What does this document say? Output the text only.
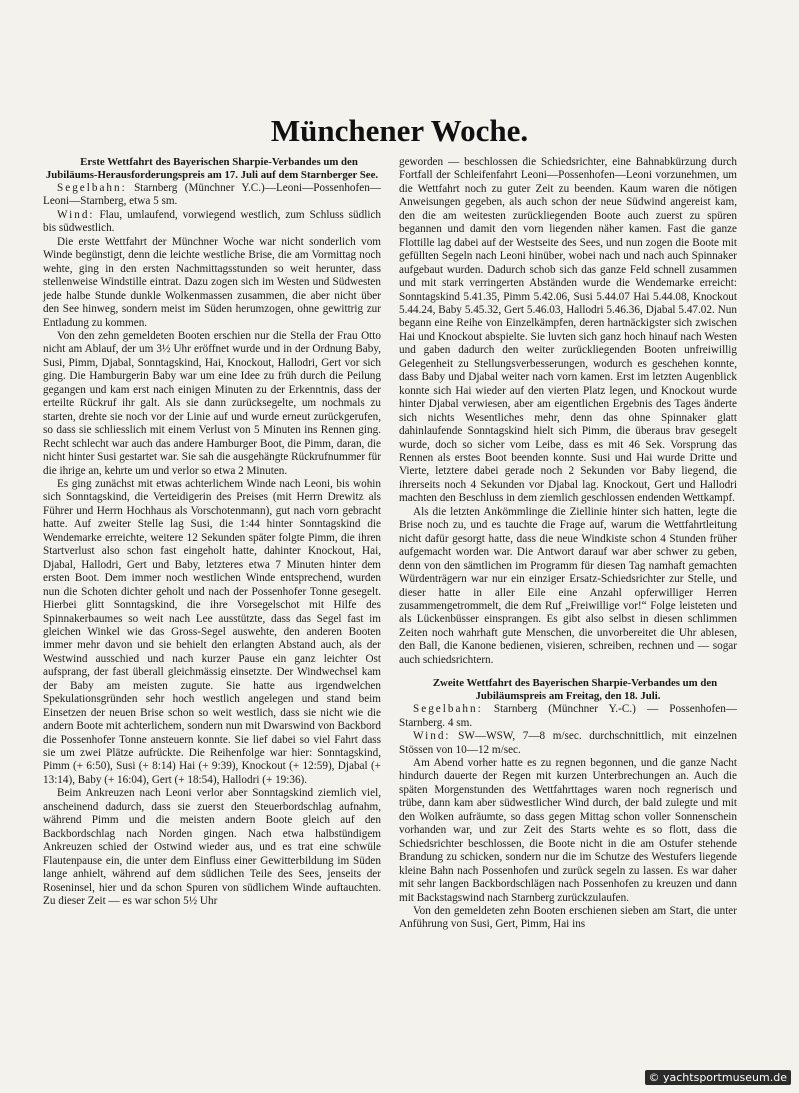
Münchener Woche.

Erste Wettfahrt des Bayerischen Sharpie-Verbandes um den Jubiläums-Herausforderungspreis am 17. Juli auf dem Starnberger See.

Segelbahn: Starnberg (Münchner Y.C.)—Leoni—Possenhofen—Leoni—Starnberg, etwa 5 sm.

Wind: Flau, umlaufend, vorwiegend westlich, zum Schluss südlich bis südwestlich.

Die erste Wettfahrt der Münchner Woche war nicht sonderlich vom Winde begünstigt, denn die leichte westliche Brise, die am Vormittag noch wehte, ging in den ersten Nachmittagsstunden so weit herunter, dass stellenweise Windstille eintrat. Dazu zogen sich im Westen und Südwesten jede halbe Stunde dunkle Wolkenmassen zusammen, die aber nicht über den See hinweg, sondern meist im Süden herumzogen, ohne gewittrig zur Entladung zu kommen.

Von den zehn gemeldeten Booten erschien nur die Stella der Frau Otto nicht am Ablauf, der um 3½ Uhr eröffnet wurde und in der Ordnung Baby, Susi, Pimm, Djabal, Sonntagskind, Hai, Knockout, Hallodri, Gert vor sich ging. Die Hamburgerin Baby war um eine Idee zu früh durch die Peilung gegangen und kam erst nach einigen Minuten zu der Erkenntnis, dass der erteilte Rückruf ihr galt. Als sie dann zurücksegelte, um nochmals zu starten, drehte sie noch vor der Linie auf und wurde erneut zurückgerufen, so dass sie schliesslich mit einem Verlust von 5 Minuten ins Rennen ging. Recht schlecht war auch das andere Hamburger Boot, die Pimm, daran, die nicht hinter Susi gestartet war. Sie sah die ausgehängte Rückrufnummer für die ihrige an, kehrte um und verlor so etwa 2 Minuten.

Es ging zunächst mit etwas achterlichem Winde nach Leoni, bis wohin sich Sonntagskind, die Verteidigerin des Preises (mit Herrn Drewitz als Führer und Herrn Hochhaus als Vorschotenmann), gut nach vorn gebracht hatte. Auf zweiter Stelle lag Susi, die 1:44 hinter Sonntagskind die Wendemarke erreichte, weitere 12 Sekunden später folgte Pimm, die ihren Startverlust also schon fast eingeholt hatte, dahinter Knockout, Hai, Djabal, Hallodri, Gert und Baby, letzteres etwa 7 Minuten hinter dem ersten Boot. Dem immer noch westlichen Winde entsprechend, wurden nun die Schoten dichter geholt und nach der Possenhofer Tonne gesegelt. Hierbei glitt Sonntagskind, die ihre Vorsegelschot mit Hilfe des Spinnakerbaumes so weit nach Lee ausstützte, dass das Segel fast im gleichen Winkel wie das Gross-Segel auswehte, den anderen Booten immer mehr davon und sie behielt den erlangten Abstand auch, als der Westwind ausschied und nach kurzer Pause ein ganz leichter Ost aufsprang, der fast überall gleichmässig einsetzte. Der Windwechsel kam der Baby am meisten zugute. Sie hatte aus irgendwelchen Spekulationsgründen sehr hoch westlich angelegen und stand beim Einsetzen der neuen Brise schon so weit westlich, dass sie nicht wie die andern Boote mit achterlichem, sondern nun mit Dwarswind von Backbord die Possenhofer Tonne ansteuern konnte. Sie lief dabei so viel Fahrt dass sie um zwei Plätze aufrückte. Die Reihenfolge war hier: Sonntagskind, Pimm (+ 6:50), Susi (+ 8:14) Hai (+ 9:39), Knockout (+ 12:59), Djabal (+ 13:14), Baby (+ 16:04), Gert (+ 18:54), Hallodri (+ 19:36).

Beim Ankreuzen nach Leoni verlor aber Sonntagskind ziemlich viel, anscheinend dadurch, dass sie zuerst den Steuerbordschlag aufnahm, während Pimm und die meisten andern Boote gleich auf den Backbordschlag nach Norden gingen. Nach etwa halbstündigem Ankreuzen schied der Ostwind wieder aus, und es trat eine schwüle Flautenpause ein, die unter dem Einfluss einer Gewitterbildung im Süden lange anhielt, während auf dem südlichen Teile des Sees, jenseits der Roseninsel, hier und da schon Spuren von südlichem Winde auftauchten. Zu dieser Zeit — es war schon 5½ Uhr

geworden — beschlossen die Schiedsrichter, eine Bahnabkürzung durch Fortfall der Schleifenfahrt Leoni—Possenhofen—Leoni vorzunehmen, um die Wettfahrt noch zu guter Zeit zu beenden. Kaum waren die nötigen Anweisungen gegeben, als auch schon der neue Südwind angereist kam, den die am weitesten zurückliegenden Boote auch zuerst zu spüren begannen und damit den vorn liegenden näher kamen. Fast die ganze Flottille lag dabei auf der Westseite des Sees, und nun zogen die Boote mit gefüllten Segeln nach Leoni hinüber, wobei nach und nach auch Spinnaker aufgebaut wurden. Dadurch schob sich das ganze Feld schnell zusammen und mit stark verringerten Abständen wurde die Wendemarke erreicht: Sonntagskind 5.41.35, Pimm 5.42.06, Susi 5.44.07 Hai 5.44.08, Knockout 5.44.24, Baby 5.45.32, Gert 5.46.03, Hallodri 5.46.36, Djabal 5.47.02. Nun begann eine Reihe von Einzelkämpfen, deren hartnäckigster sich zwischen Hai und Knockout abspielte. Sie luvten sich ganz hoch hinauf nach Westen und gaben dadurch den weiter zurückliegenden Booten unfreiwillig Gelegenheit zu Stellungsverbesserungen, wodurch es geschehen konnte, dass Baby und Djabal weiter nach vorn kamen. Erst im letzten Augenblick konnte sich Hai wieder auf den vierten Platz legen, und Knockout wurde hinter Djabal verwiesen, aber am eigentlichen Ergebnis des Tages änderte sich nichts Wesentliches mehr, denn das ohne Spinnaker glatt dahinlaufende Sonntagskind hielt sich Pimm, die überaus brav gesegelt wurde, doch so sicher vom Leibe, dass es mit 46 Sek. Vorsprung das Rennen als erstes Boot beenden konnte. Susi und Hai wurde Dritte und Vierte, letztere dabei gerade noch 2 Sekunden vor Baby liegend, die ihrerseits noch 4 Sekunden vor Djabal lag. Knockout, Gert und Hallodri machten den Beschluss in dem ziemlich geschlossen endenden Wettkampf.

Als die letzten Ankömmlinge die Ziellinie hinter sich hatten, legte die Brise noch zu, und es tauchte die Frage auf, warum die Wettfahrtleitung nicht dafür gesorgt hatte, dass die neue Windkiste schon 4 Stunden früher aufgemacht worden war. Die Antwort darauf war aber schwer zu geben, denn von den sämtlichen im Programm für diesen Tag namhaft gemachten Würdenträgern war nur ein einziger Ersatz-Schiedsrichter zur Stelle, und dieser hatte in aller Eile eine Anzahl opferwilliger Herren zusammengetrommelt, die dem Ruf „Freiwillige vor!“ Folge leisteten und als Lückenbüsser einsprangen. Es gibt also selbst in diesen schlimmen Zeiten noch wahrhaft gute Menschen, die unvorbereitet die Uhr ablesen, den Ball, die Kanone bedienen, visieren, schreiben, rechnen und — sogar auch schiedsrichtern.

Zweite Wettfahrt des Bayerischen Sharpie-Verbandes um den Jubiläumspreis am Freitag, den 18. Juli.

Segelbahn: Starnberg (Münchner Y.-C.) — Possenhofen—Starnberg. 4 sm.

Wind: SW—WSW, 7—8 m/sec. durchschnittlich, mit einzelnen Stössen von 10—12 m/sec.

Am Abend vorher hatte es zu regnen begonnen, und die ganze Nacht hindurch dauerte der Regen mit kurzen Unterbrechungen an. Auch die späten Morgenstunden des Wettfahrttages waren noch regnerisch und trübe, dann kam aber südwestlicher Wind durch, der bald zulegte und mit den Wolken aufräumte, so dass gegen Mittag schon voller Sonnenschein vorhanden war, und zur Zeit des Starts wehte es so flott, dass die Schiedsrichter beschlossen, die Boote nicht in die am Ostufer stehende Brandung zu schicken, sondern nur die im Schutze des Westufers liegende kleine Bahn nach Possenhofen und zurück segeln zu lassen. Es war daher mit sehr langen Backbordschlägen nach Possenhofen zu kreuzen und dann mit Backstagswind nach Starnberg zurückzulaufen.

Von den gemeldeten zehn Booten erschienen sieben am Start, die unter Anführung von Susi, Gert, Pimm, Hai ins

© yachtsportmuseum.de
